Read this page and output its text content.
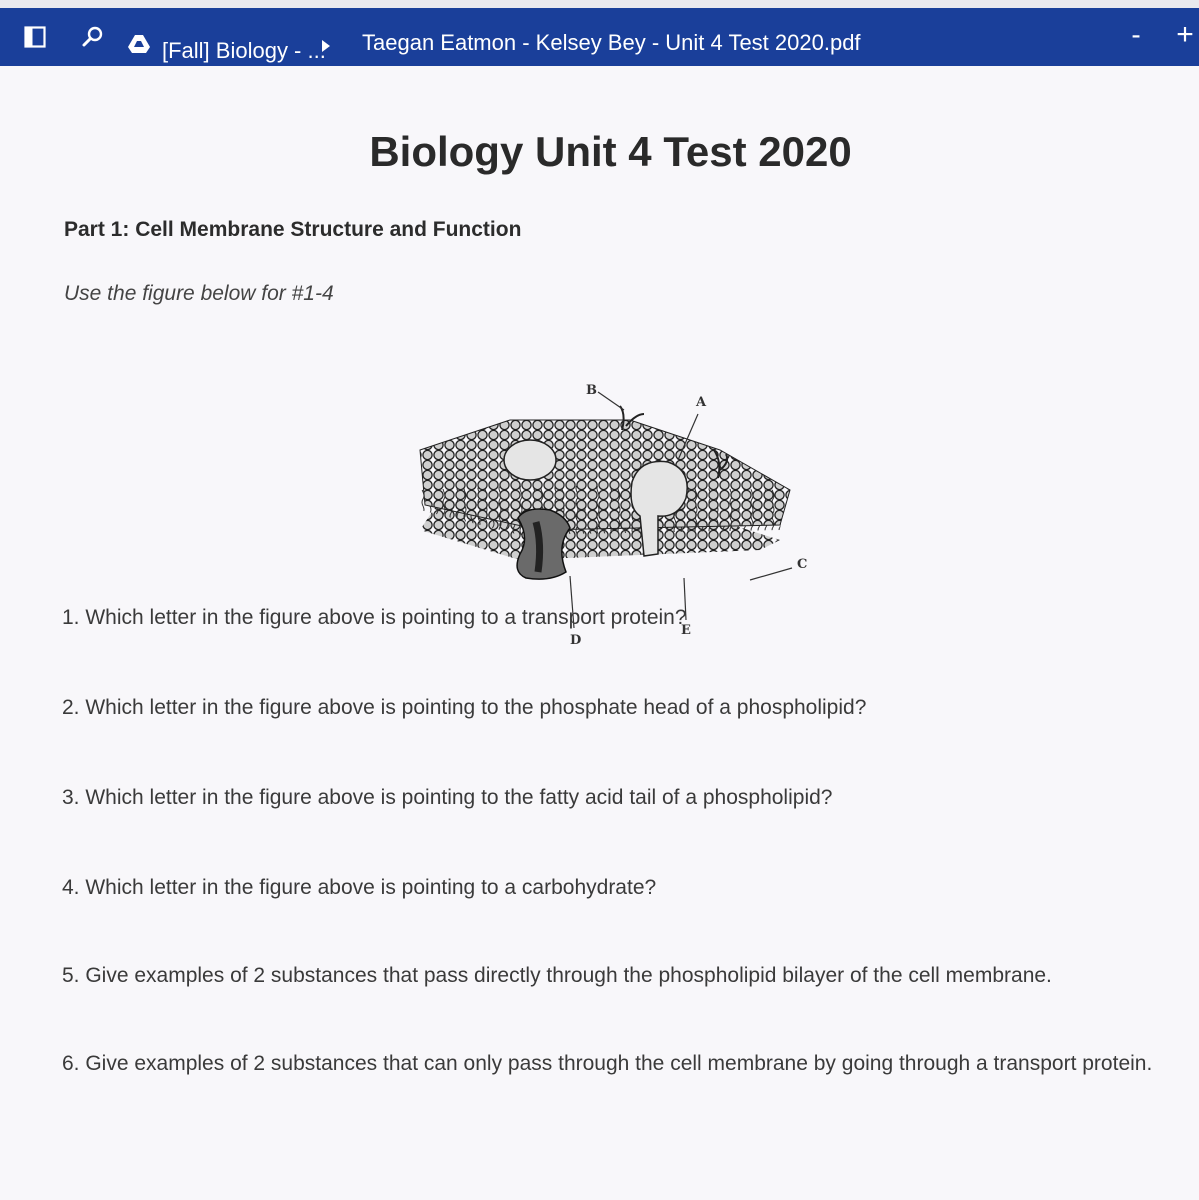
[Fall] Biology - ... Taegan Eatmon - Kelsey Bey - Unit 4 Test 2020.pdf	- +
Biology Unit 4 Test 2020
Part 1: Cell Membrane Structure and Function
Use the figure below for #1-4
B
A
C
D
E
1. Which letter in the figure above is pointing to a transport protein?
2. Which letter in the figure above is pointing to the phosphate head of a phospholipid?
3. Which letter in the figure above is pointing to the fatty acid tail of a phospholipid?
4. Which letter in the figure above is pointing to a carbohydrate?
5. Give examples of 2 substances that pass directly through the phospholipid bilayer of the cell membrane.
6. Give examples of 2 substances that can only pass through the cell membrane by going through a transport protein.
